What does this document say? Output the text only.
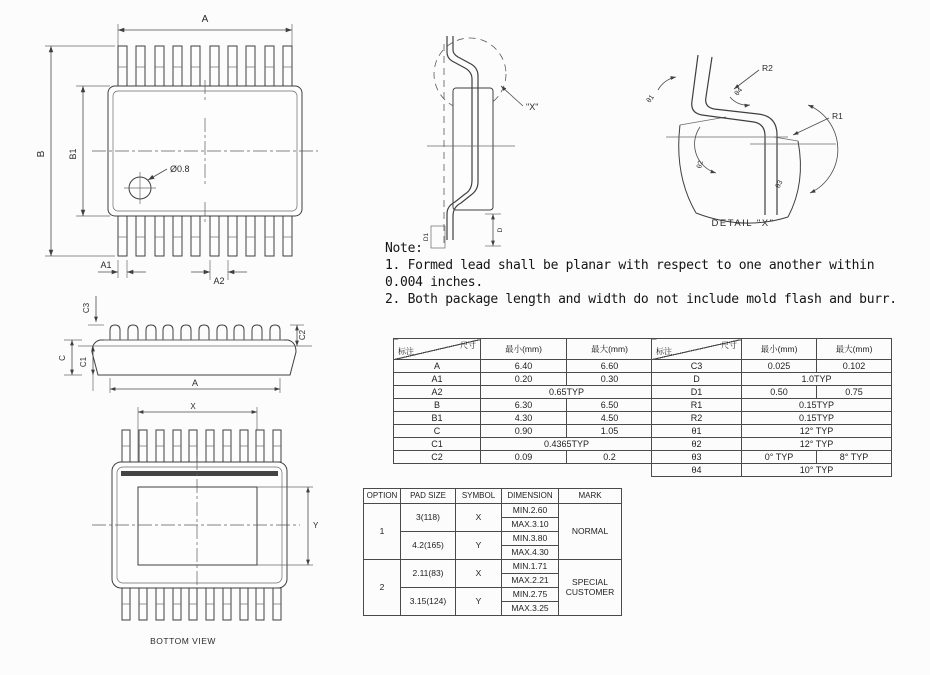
A
Ø0.8
B B1
A1
A2
C3
C C1
C2
A
X
Y
BOTTOM VIEW
"X"
D1
D
R2
R1
θ1
θ4
θ2
θ3
DETAIL "X"
Note:
1. Formed lead shall be planar with respect to one another within
0.004 inches.
2. Both package length and width do not include mold flash and burr.
尺寸
标注	最小(mm)	最大(mm)
A	6.40	6.60
A1	0.20	0.30
A2	0.65TYP	
B	6.30	6.50
B1	4.30	4.50
C	0.90	1.05
C1	0.4365TYP	
C2	0.09	0.2
尺寸
标注	最小(mm)	最大(mm)
C3	0.025	0.102
D	1.0TYP	
D1	0.50	0.75
R1	0.15TYP	
R2	0.15TYP	
θ1	12° TYP	
θ2	12° TYP	
θ3	0° TYP	8° TYP
θ4	10° TYP	
OPTION	PAD SIZE	SYMBOL	DIMENSION	MARK
1	3(118)	X	MIN.2.60	NORMAL
			MAX.3.10	
	4.2(165)	Y	MIN.3.80	
			MAX.4.30	
2	2.11(83)	X	MIN.1.71	SPECIAL CUSTOMER
			MAX.2.21	
	3.15(124)	Y	MIN.2.75	
			MAX.3.25	
